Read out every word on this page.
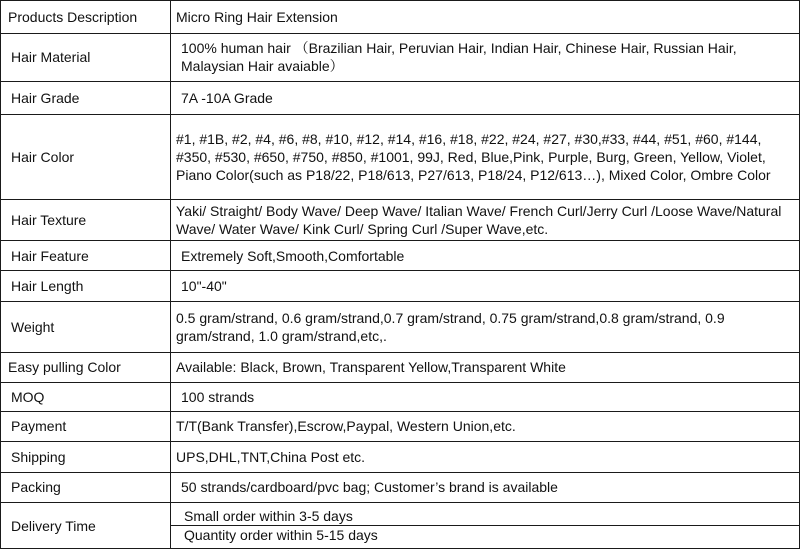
Products Description	Micro Ring Hair Extension
Hair Material	100% human hair （Brazilian Hair, Peruvian Hair, Indian Hair, Chinese Hair, Russian Hair, Malaysian Hair avaiable）
Hair Grade	7A -10A Grade
Hair Color	#1, #1B, #2, #4, #6, #8, #10, #12, #14, #16, #18, #22, #24, #27, #30,#33, #44, #51, #60, #144, #350, #530, #650, #750, #850, #1001, 99J, Red, Blue,Pink, Purple, Burg, Green, Yellow, Violet, Piano Color(such as P18/22, P18/613, P27/613, P18/24, P12/613…), Mixed Color, Ombre Color
Hair Texture	Yaki/ Straight/ Body Wave/ Deep Wave/ Italian Wave/ French Curl/Jerry Curl /Loose Wave/Natural Wave/ Water Wave/ Kink Curl/ Spring Curl /Super Wave,etc.
Hair Feature	Extremely Soft,Smooth,Comfortable
Hair Length	10"-40"
Weight	0.5 gram/strand, 0.6 gram/strand,0.7 gram/strand, 0.75 gram/strand,0.8 gram/strand, 0.9 gram/strand, 1.0 gram/strand,etc,.
Easy pulling Color	Available: Black, Brown, Transparent Yellow,Transparent White
MOQ	100 strands
Payment	T/T(Bank Transfer),Escrow,Paypal, Western Union,etc.
Shipping	UPS,DHL,TNT,China Post etc.
Packing	50 strands/cardboard/pvc bag; Customer’s brand is available
Delivery Time	Small order within 3-5 days
Quantity order within 5-15 days
